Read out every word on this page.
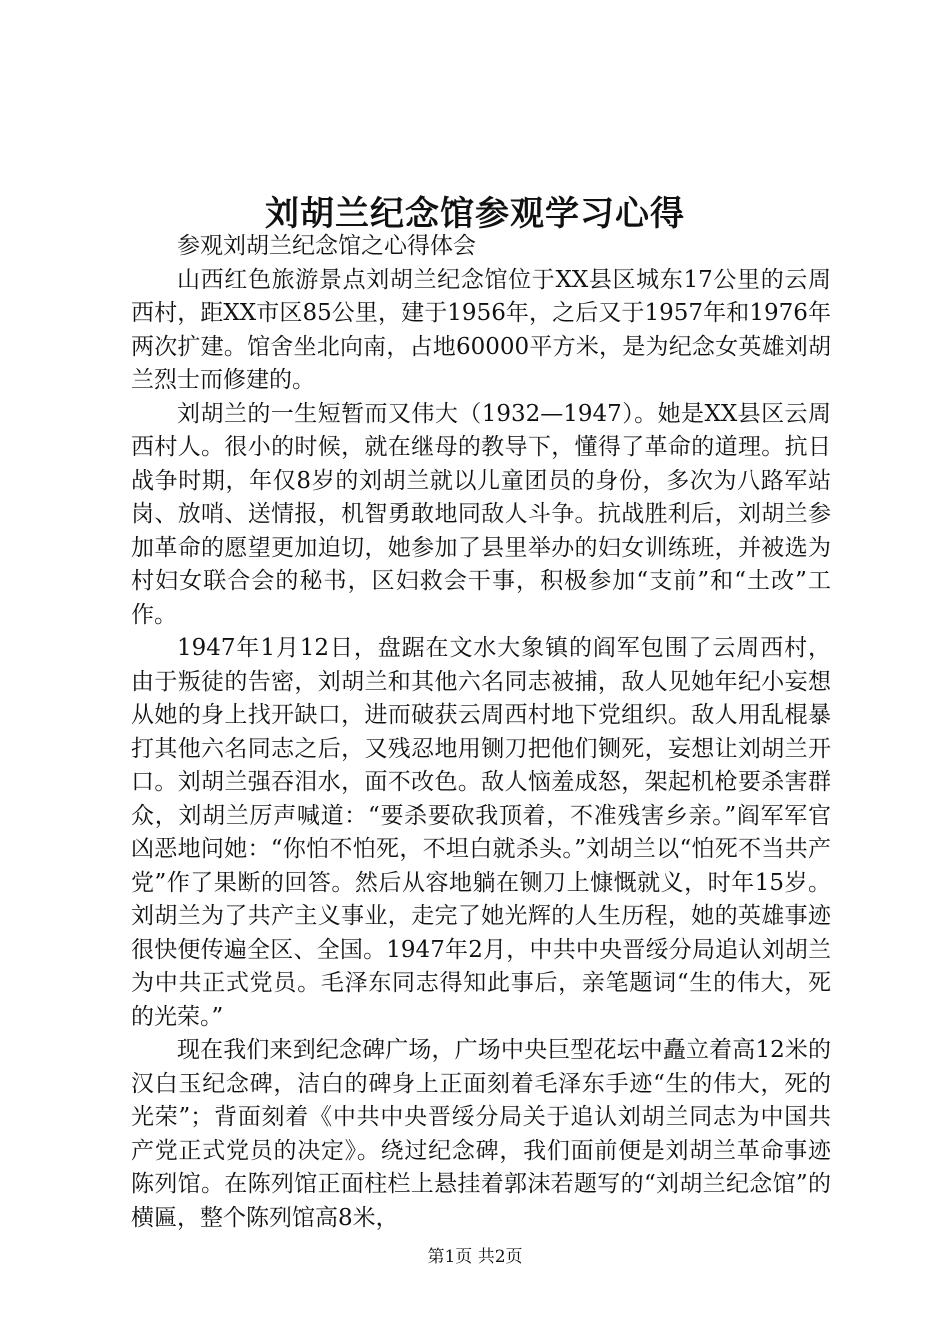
刘胡兰纪念馆参观学习心得

参观刘胡兰纪念馆之心得体会

山西红色旅游景点刘胡兰纪念馆位于XX县区城东17公里的云周西村，距XX市区85公里，建于1956年，之后又于1957年和1976年两次扩建。馆舍坐北向南，占地60000平方米，是为纪念女英雄刘胡兰烈士而修建的。

刘胡兰的一生短暂而又伟大（1932—1947）。她是XX县区云周西村人。很小的时候，就在继母的教导下，懂得了革命的道理。抗日战争时期，年仅8岁的刘胡兰就以儿童团员的身份，多次为八路军站岗、放哨、送情报，机智勇敢地同敌人斗争。抗战胜利后，刘胡兰参加革命的愿望更加迫切，她参加了县里举办的妇女训练班，并被选为村妇女联合会的秘书，区妇救会干事，积极参加“支前”和“土改”工作。

1947年1月12日，盘踞在文水大象镇的阎军包围了云周西村，由于叛徒的告密，刘胡兰和其他六名同志被捕，敌人见她年纪小妄想从她的身上找开缺口，进而破获云周西村地下党组织。敌人用乱棍暴打其他六名同志之后，又残忍地用铡刀把他们铡死，妄想让刘胡兰开口。刘胡兰强吞泪水，面不改色。敌人恼羞成怒，架起机枪要杀害群众，刘胡兰厉声喊道：“要杀要砍我顶着，不准残害乡亲。”阎军军官凶恶地问她：“你怕不怕死，不坦白就杀头。”刘胡兰以“怕死不当共产党”作了果断的回答。然后从容地躺在铡刀上慷慨就义，时年15岁。刘胡兰为了共产主义事业，走完了她光辉的人生历程，她的英雄事迹很快便传遍全区、全国。1947年2月，中共中央晋绥分局追认刘胡兰为中共正式党员。毛泽东同志得知此事后，亲笔题词“生的伟大，死的光荣。”

现在我们来到纪念碑广场，广场中央巨型花坛中矗立着高12米的汉白玉纪念碑，洁白的碑身上正面刻着毛泽东手迹“生的伟大，死的光荣”；背面刻着《中共中央晋绥分局关于追认刘胡兰同志为中国共产党正式党员的决定》。绕过纪念碑，我们面前便是刘胡兰革命事迹陈列馆。在陈列馆正面柱栏上悬挂着郭沫若题写的“刘胡兰纪念馆”的横匾，整个陈列馆高8米，

第1页 共2页
